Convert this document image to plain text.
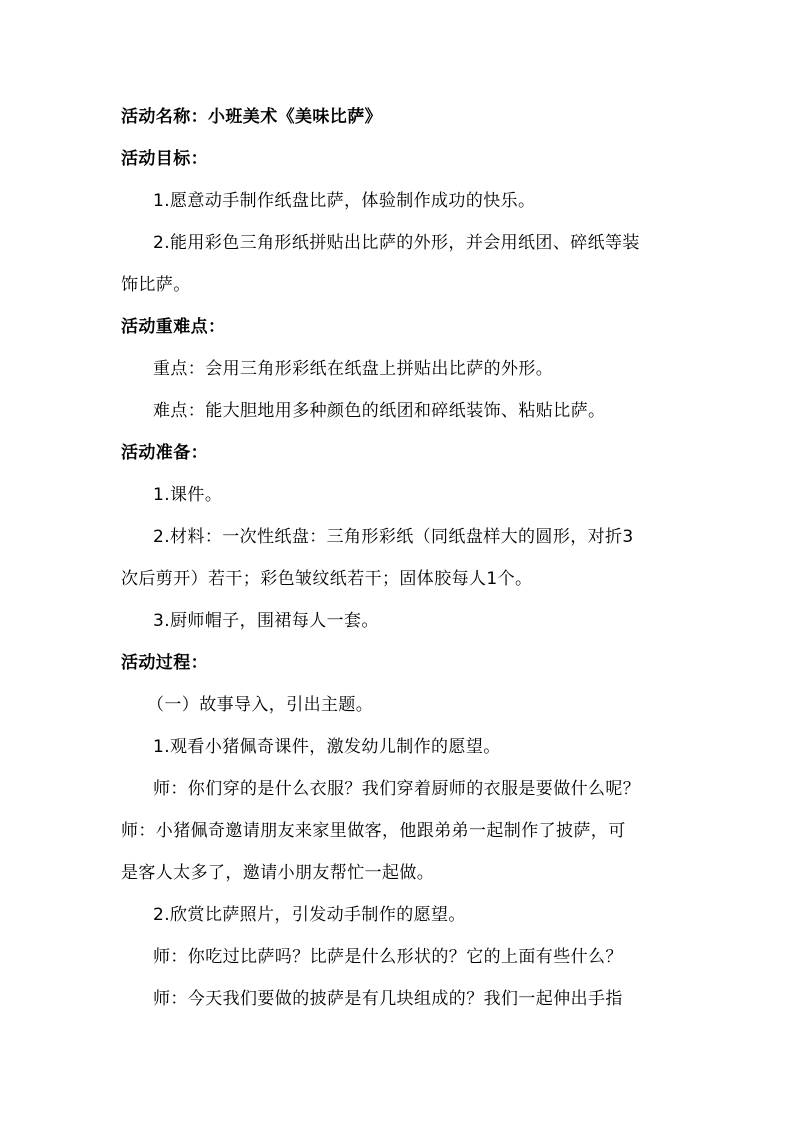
活动名称：小班美术《美味比萨》
活动目标：
1.愿意动手制作纸盘比萨，体验制作成功的快乐。
2.能用彩色三角形纸拼贴出比萨的外形，并会用纸团、碎纸等装
饰比萨。
活动重难点：
重点：会用三角形彩纸在纸盘上拼贴出比萨的外形。
难点：能大胆地用多种颜色的纸团和碎纸装饰、粘贴比萨。
活动准备：
1.课件。
2.材料：一次性纸盘：三角形彩纸（同纸盘样大的圆形，对折3
次后剪开）若干；彩色皱纹纸若干；固体胶每人1个。
3.厨师帽子，围裙每人一套。
活动过程：
（一）故事导入，引出主题。
1.观看小猪佩奇课件，激发幼儿制作的愿望。
师：你们穿的是什么衣服？我们穿着厨师的衣服是要做什么呢？
师：小猪佩奇邀请朋友来家里做客，他跟弟弟一起制作了披萨，可
是客人太多了，邀请小朋友帮忙一起做。
2.欣赏比萨照片，引发动手制作的愿望。
师：你吃过比萨吗？比萨是什么形状的？它的上面有些什么？
师：今天我们要做的披萨是有几块组成的？我们一起伸出手指
